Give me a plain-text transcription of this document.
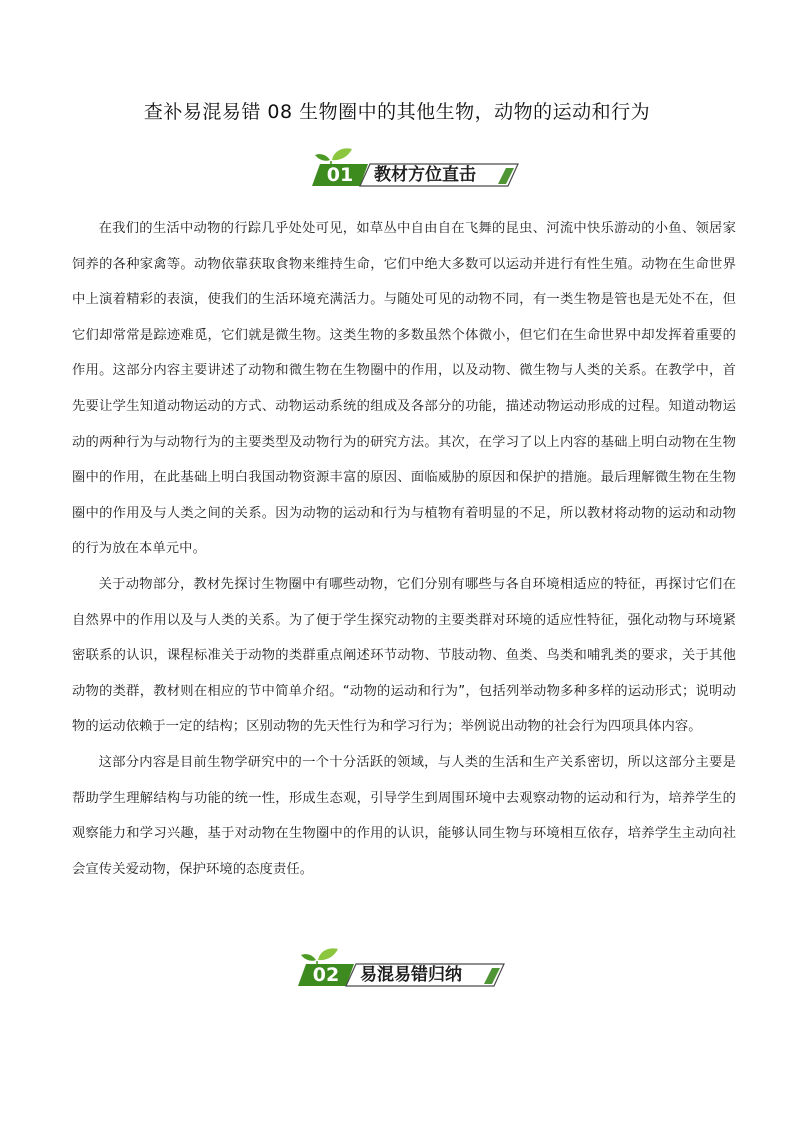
查补易混易错 08 生物圈中的其他生物，动物的运动和行为
01	教材方位直击

在我们的生活中动物的行踪几乎处处可见，如草丛中自由自在飞舞的昆虫、河流中快乐游动的小鱼、领居家饲养的各种家禽等。动物依靠获取食物来维持生命，它们中绝大多数可以运动并进行有性生殖。动物在生命世界中上演着精彩的表演，使我们的生活环境充满活力。与随处可见的动物不同，有一类生物是管也是无处不在，但它们却常常是踪迹难觅，它们就是微生物。这类生物的多数虽然个体微小，但它们在生命世界中却发挥着重要的作用。这部分内容主要讲述了动物和微生物在生物圈中的作用，以及动物、微生物与人类的关系。在教学中，首先要让学生知道动物运动的方式、动物运动系统的组成及各部分的功能，描述动物运动形成的过程。知道动物运动的两种行为与动物行为的主要类型及动物行为的研究方法。其次，在学习了以上内容的基础上明白动物在生物圈中的作用，在此基础上明白我国动物资源丰富的原因、面临威胁的原因和保护的措施。最后理解微生物在生物圈中的作用及与人类之间的关系。因为动物的运动和行为与植物有着明显的不足，所以教材将动物的运动和动物的行为放在本单元中。

关于动物部分，教材先探讨生物圈中有哪些动物，它们分别有哪些与各自环境相适应的特征，再探讨它们在自然界中的作用以及与人类的关系。为了便于学生探究动物的主要类群对环境的适应性特征，强化动物与环境紧密联系的认识，课程标准关于动物的类群重点阐述环节动物、节肢动物、鱼类、鸟类和哺乳类的要求，关于其他动物的类群，教材则在相应的节中简单介绍。“动物的运动和行为”，包括列举动物多种多样的运动形式；说明动物的运动依赖于一定的结构；区别动物的先天性行为和学习行为；举例说出动物的社会行为四项具体内容。

这部分内容是目前生物学研究中的一个十分活跃的领域，与人类的生活和生产关系密切，所以这部分主要是帮助学生理解结构与功能的统一性，形成生态观，引导学生到周围环境中去观察动物的运动和行为，培养学生的观察能力和学习兴趣，基于对动物在生物圈中的作用的认识，能够认同生物与环境相互依存，培养学生主动向社会宣传关爱动物，保护环境的态度责任。

02	易混易错归纳
